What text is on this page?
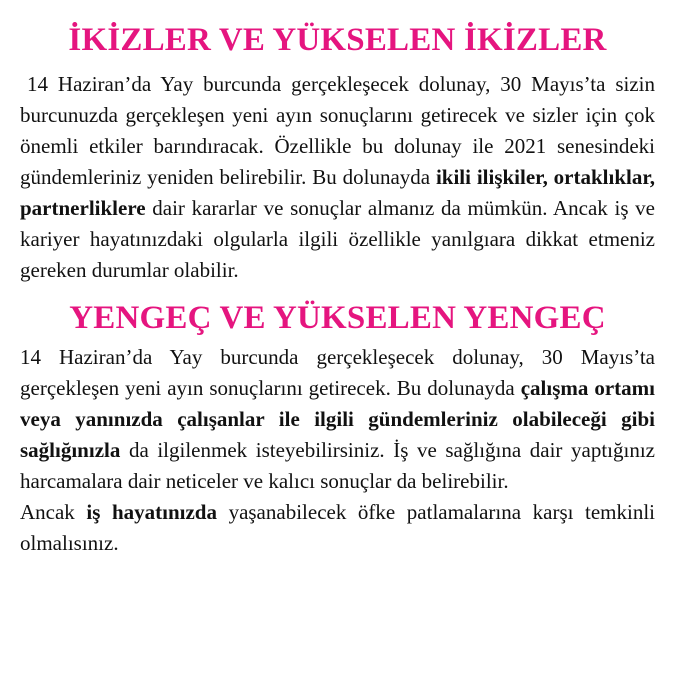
İKİZLER VE YÜKSELEN İKİZLER

14 Haziran’da Yay burcunda gerçekleşecek dolunay, 30 Mayıs’ta sizin burcunuzda gerçekleşen yeni ayın sonuçlarını getirecek ve sizler için çok önemli etkiler barındıracak. Özellikle bu dolunay ile 2021 senesindeki gündemleriniz yeniden belirebilir. Bu dolunayda ikili ilişkiler, ortaklıklar, partnerliklere dair kararlar ve sonuçlar almanız da mümkün. Ancak iş ve kariyer hayatınızdaki olgularla ilgili özellikle yanılgıara dikkat etmeniz gereken durumlar olabilir.

YENGEÇ VE YÜKSELEN YENGEÇ

14 Haziran’da Yay burcunda gerçekleşecek dolunay, 30 Mayıs’ta gerçekleşen yeni ayın sonuçlarını getirecek. Bu dolunayda çalışma ortamı veya yanınızda çalışanlar ile ilgili gündemleriniz olabileceği gibi sağlığınızla da ilgilenmek isteyebilirsiniz. İş ve sağlığına dair yaptığınız harcamalara dair neticeler ve kalıcı sonuçlar da belirebilir.

Ancak iş hayatınızda yaşanabilecek öfke patlamalarına karşı temkinli olmalısınız.
